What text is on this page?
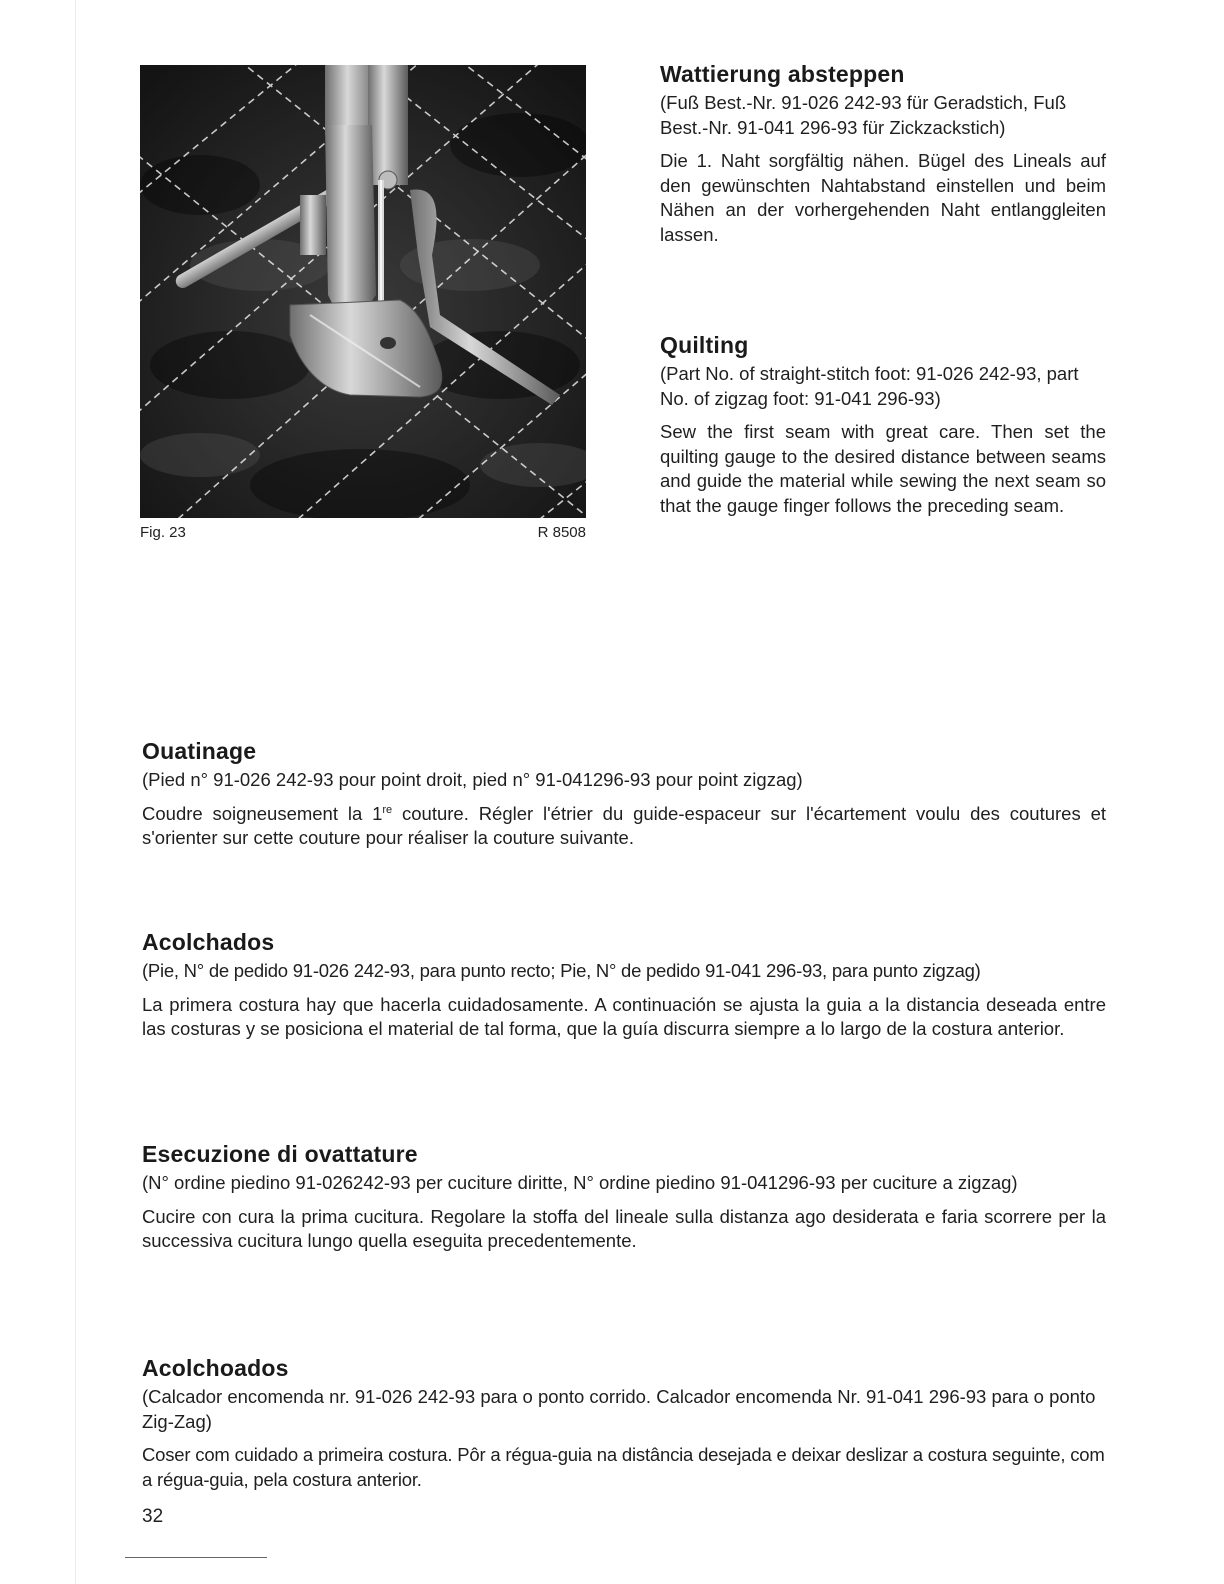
Fig. 23	R 8508
Wattierung absteppen

(Fuß Best.-Nr. 91-026 242-93 für Geradstich, Fuß Best.-Nr. 91-041 296-93 für Zickzackstich)

Die 1. Naht sorgfältig nähen. Bügel des Lineals auf den gewünschten Nahtabstand einstellen und beim Nähen an der vorhergehenden Naht entlanggleiten lassen.

Quilting

(Part No. of straight-stitch foot: 91-026 242-93, part No. of zigzag foot: 91-041 296-93)

Sew the first seam with great care. Then set the quilting gauge to the desired distance between seams and guide the material while sewing the next seam so that the gauge finger follows the preceding seam.

Ouatinage

(Pied n° 91-026 242-93 pour point droit, pied n° 91-041296-93 pour point zigzag)

Coudre soigneusement la 1re couture. Régler l'étrier du guide-espaceur sur l'écartement voulu des coutures et s'orienter sur cette couture pour réaliser la couture suivante.

Acolchados

(Pie, N° de pedido 91-026 242-93, para punto recto; Pie, N° de pedido 91-041 296-93, para punto zigzag)

La primera costura hay que hacerla cuidadosamente. A continuación se ajusta la guia a la distancia deseada entre las costuras y se posiciona el material de tal forma, que la guía discurra siempre a lo largo de la costura anterior.

Esecuzione di ovattature

(N° ordine piedino 91-026242-93 per cuciture diritte, N° ordine piedino 91-041296-93 per cuciture a zigzag)

Cucire con cura la prima cucitura. Regolare la stoffa del lineale sulla distanza ago desiderata e faria scorrere per la successiva cucitura lungo quella eseguita precedentemente.

Acolchoados

(Calcador encomenda nr. 91-026 242-93 para o ponto corrido. Calcador encomenda Nr. 91-041 296-93 para o ponto Zig-Zag)

Coser com cuidado a primeira costura. Pôr a régua-guia na distância desejada e deixar deslizar a costura seguinte, com a régua-guia, pela costura anterior.

32
